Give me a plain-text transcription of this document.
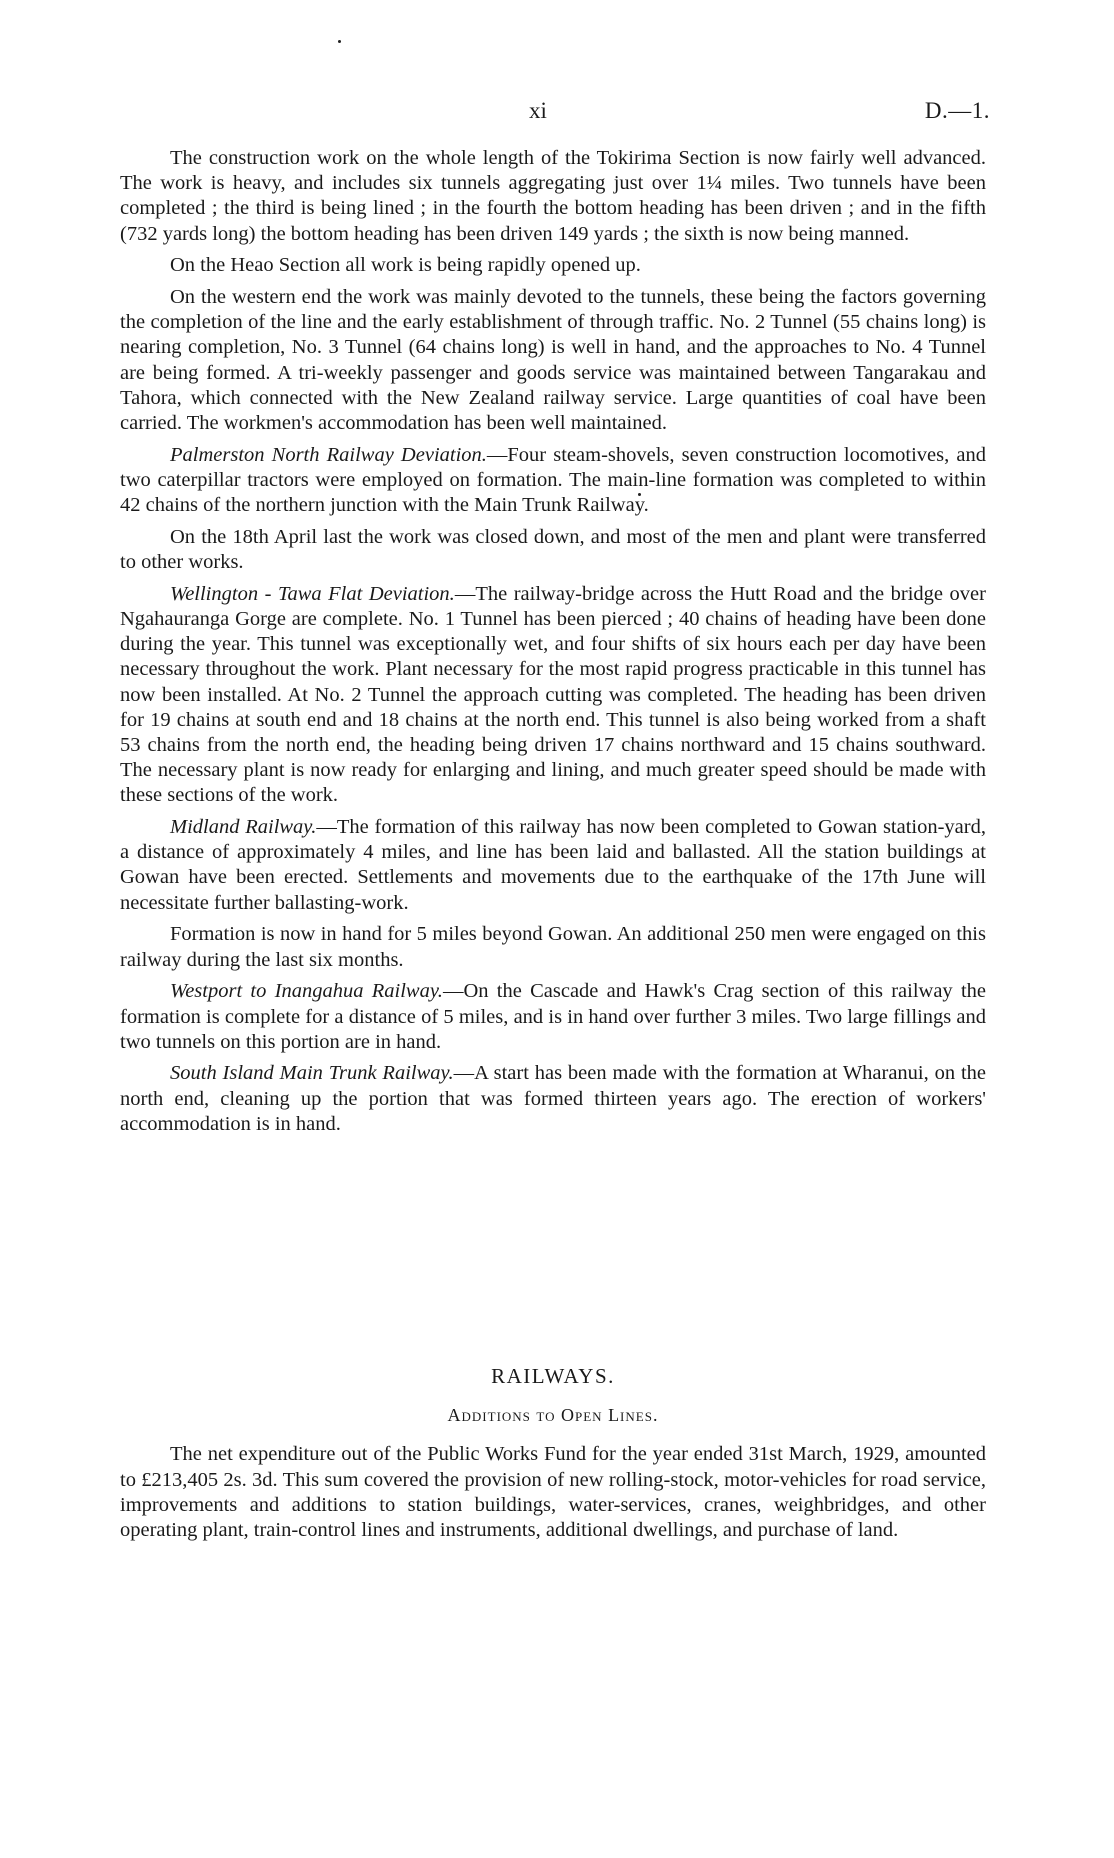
xi	D.—1.

The construction work on the whole length of the Tokirima Section is now fairly well advanced. The work is heavy, and includes six tunnels aggregating just over 1¼ miles. Two tunnels have been completed ; the third is being lined ; in the fourth the bottom heading has been driven ; and in the fifth (732 yards long) the bottom heading has been driven 149 yards ; the sixth is now being manned.

On the Heao Section all work is being rapidly opened up.

On the western end the work was mainly devoted to the tunnels, these being the factors governing the completion of the line and the early establishment of through traffic. No. 2 Tunnel (55 chains long) is nearing completion, No. 3 Tunnel (64 chains long) is well in hand, and the approaches to No. 4 Tunnel are being formed. A tri-weekly passenger and goods service was maintained between Tangarakau and Tahora, which connected with the New Zealand railway service. Large quantities of coal have been carried. The workmen's accommodation has been well maintained.

Palmerston North Railway Deviation.—Four steam-shovels, seven construction locomotives, and two caterpillar tractors were employed on formation. The main-line formation was completed to within 42 chains of the northern junction with the Main Trunk Railway.

On the 18th April last the work was closed down, and most of the men and plant were transferred to other works.

Wellington - Tawa Flat Deviation.—The railway-bridge across the Hutt Road and the bridge over Ngahauranga Gorge are complete. No. 1 Tunnel has been pierced ; 40 chains of heading have been done during the year. This tunnel was exceptionally wet, and four shifts of six hours each per day have been necessary throughout the work. Plant necessary for the most rapid progress practicable in this tunnel has now been installed. At No. 2 Tunnel the approach cutting was completed. The heading has been driven for 19 chains at south end and 18 chains at the north end. This tunnel is also being worked from a shaft 53 chains from the north end, the heading being driven 17 chains northward and 15 chains southward. The necessary plant is now ready for enlarging and lining, and much greater speed should be made with these sections of the work.

Midland Railway.—The formation of this railway has now been completed to Gowan station-yard, a distance of approximately 4 miles, and line has been laid and ballasted. All the station buildings at Gowan have been erected. Settlements and movements due to the earthquake of the 17th June will necessitate further ballasting-work.

Formation is now in hand for 5 miles beyond Gowan. An additional 250 men were engaged on this railway during the last six months.

Westport to Inangahua Railway.—On the Cascade and Hawk's Crag section of this railway the formation is complete for a distance of 5 miles, and is in hand over further 3 miles. Two large fillings and two tunnels on this portion are in hand.

South Island Main Trunk Railway.—A start has been made with the formation at Wharanui, on the north end, cleaning up the portion that was formed thirteen years ago. The erection of workers' accommodation is in hand.

RAILWAYS.
Additions to Open Lines.

The net expenditure out of the Public Works Fund for the year ended 31st March, 1929, amounted to £213,405 2s. 3d. This sum covered the provision of new rolling-stock, motor-vehicles for road service, improvements and additions to station buildings, water-services, cranes, weighbridges, and other operating plant, train-control lines and instruments, additional dwellings, and purchase of land.
